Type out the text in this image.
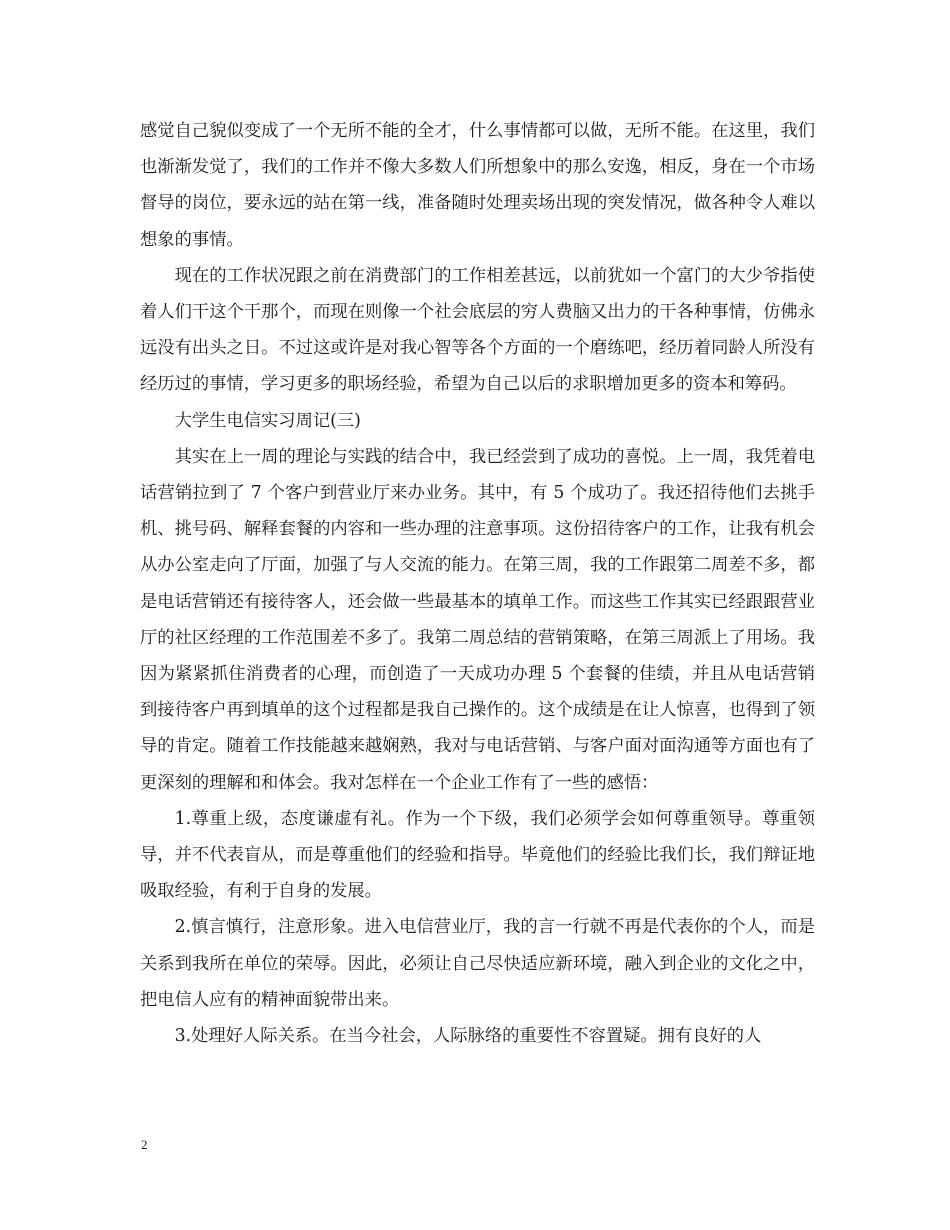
感觉自己貌似变成了一个无所不能的全才，什么事情都可以做，无所不能。在这里，我们也渐渐发觉了，我们的工作并不像大多数人们所想象中的那么安逸，相反，身在一个市场督导的岗位，要永远的站在第一线，准备随时处理卖场出现的突发情况，做各种令人难以想象的事情。

现在的工作状况跟之前在消费部门的工作相差甚远，以前犹如一个富门的大少爷指使着人们干这个干那个，而现在则像一个社会底层的穷人费脑又出力的干各种事情，仿佛永远没有出头之日。不过这或许是对我心智等各个方面的一个磨练吧，经历着同龄人所没有经历过的事情，学习更多的职场经验，希望为自己以后的求职增加更多的资本和筹码。

大学生电信实习周记(三)

其实在上一周的理论与实践的结合中，我已经尝到了成功的喜悦。上一周，我凭着电话营销拉到了 7 个客户到营业厅来办业务。其中，有 5 个成功了。我还招待他们去挑手机、挑号码、解释套餐的内容和一些办理的注意事项。这份招待客户的工作，让我有机会从办公室走向了厅面，加强了与人交流的能力。在第三周，我的工作跟第二周差不多，都是电话营销还有接待客人，还会做一些最基本的填单工作。而这些工作其实已经跟跟营业厅的社区经理的工作范围差不多了。我第二周总结的营销策略，在第三周派上了用场。我因为紧紧抓住消费者的心理，而创造了一天成功办理 5 个套餐的佳绩，并且从电话营销到接待客户再到填单的这个过程都是我自己操作的。这个成绩是在让人惊喜，也得到了领导的肯定。随着工作技能越来越娴熟，我对与电话营销、与客户面对面沟通等方面也有了更深刻的理解和和体会。我对怎样在一个企业工作有了一些的感悟：

1.尊重上级，态度谦虚有礼。作为一个下级，我们必须学会如何尊重领导。尊重领导，并不代表盲从，而是尊重他们的经验和指导。毕竟他们的经验比我们长，我们辩证地吸取经验，有利于自身的发展。

2.慎言慎行，注意形象。进入电信营业厅，我的言一行就不再是代表你的个人，而是关系到我所在单位的荣辱。因此，必须让自己尽快适应新环境，融入到企业的文化之中，把电信人应有的精神面貌带出来。

3.处理好人际关系。在当今社会，人际脉络的重要性不容置疑。拥有良好的人

2
